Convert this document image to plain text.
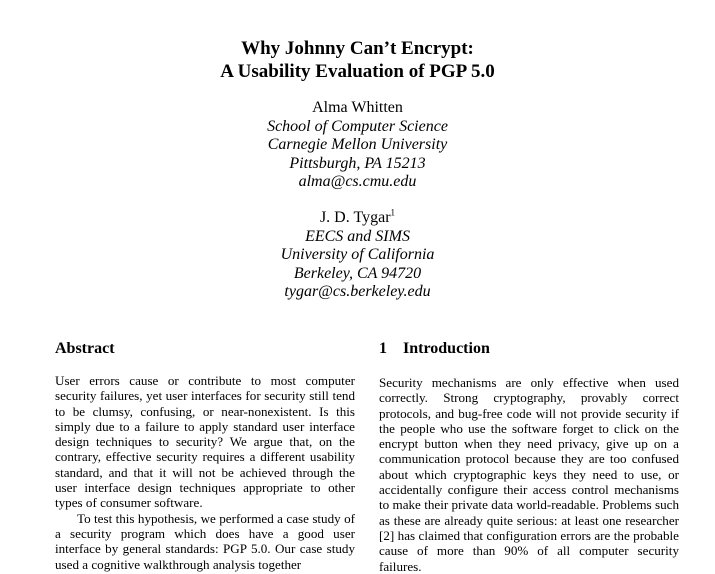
Why Johnny Can’t Encrypt:
A Usability Evaluation of PGP 5.0
Alma Whitten
School of Computer Science
Carnegie Mellon University
Pittsburgh, PA 15213
alma@cs.cmu.edu
J. D. Tygar$^1$
EECS and SIMS
University of California
Berkeley, CA 94720
tygar@cs.berkeley.edu
Abstract	1 Introduction

User errors cause or contribute to most computer security failures, yet user interfaces for security still tend to be clumsy, confusing, or near-nonexistent. Is this simply due to a failure to apply standard user interface design techniques to security? We argue that, on the contrary, effective security requires a different usability standard, and that it will not be achieved through the user interface design techniques appropriate to other types of consumer software.

To test this hypothesis, we performed a case study of a security program which does have a good user interface by general standards: PGP 5.0. Our case study used a cognitive walkthrough analysis together

Security mechanisms are only effective when used correctly. Strong cryptography, provably correct protocols, and bug-free code will not provide security if the people who use the software forget to click on the encrypt button when they need privacy, give up on a communication protocol because they are too confused about which cryptographic keys they need to use, or accidentally configure their access control mechanisms to make their private data world-readable. Problems such as these are already quite serious: at least one researcher [2] has claimed that configuration errors are the probable cause of more than 90% of all computer security failures.
